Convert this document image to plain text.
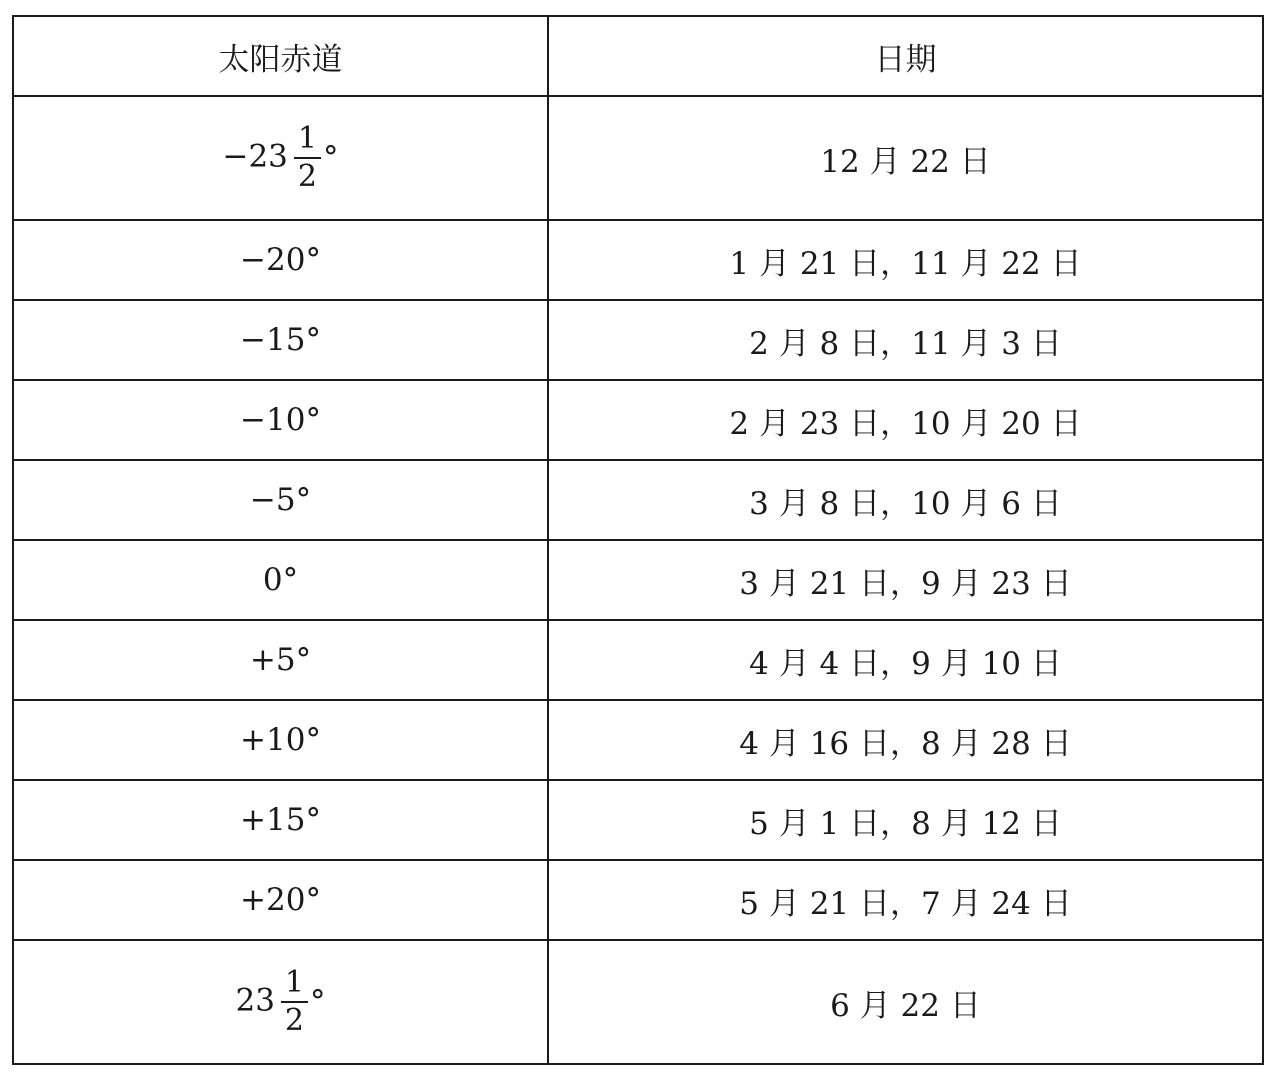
太阳赤道	日期
$-23 \frac{1}{2}$ °	12 月 22 日
−20°	1 月 21 日，11 月 22 日
−15°	2 月 8 日，11 月 3 日
−10°	2 月 23 日，10 月 20 日
−5°	3 月 8 日，10 月 6 日
0°	3 月 21 日，9 月 23 日
+5°	4 月 4 日，9 月 10 日
+10°	4 月 16 日，8 月 28 日
+15°	5 月 1 日，8 月 12 日
+20°	5 月 21 日，7 月 24 日
$23 \frac{1}{2}$ °	6 月 22 日
